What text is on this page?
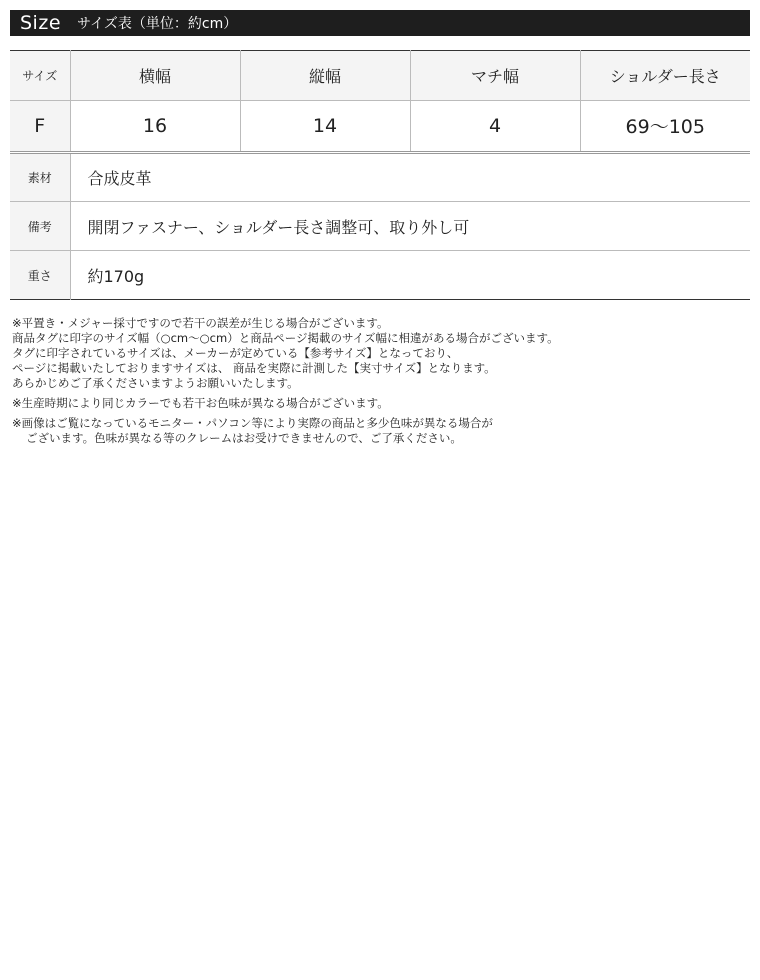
Size サイズ表（単位：約cm）
サイズ	横幅	縦幅	マチ幅	ショルダー長さ
F	16	14	4	69～105
素材	合成皮革
備考	開閉ファスナー、ショルダー長さ調整可、取り外し可
重さ	約170g

※平置き・メジャー採寸ですので若干の誤差が生じる場合がございます。

商品タグに印字のサイズ幅（○cm～○cm）と商品ページ掲載のサイズ幅に相違がある場合がございます。

タグに印字されているサイズは、メーカーが定めている【参考サイズ】となっており、

ページに掲載いたしておりますサイズは、 商品を実際に計測した【実寸サイズ】となります。

あらかじめご了承くださいますようお願いいたします。

※生産時期により同じカラーでも若干お色味が異なる場合がございます。

※画像はご覧になっているモニター・パソコン等により実際の商品と多少色味が異なる場合が

ございます。色味が異なる等のクレームはお受けできませんので、ご了承ください。
